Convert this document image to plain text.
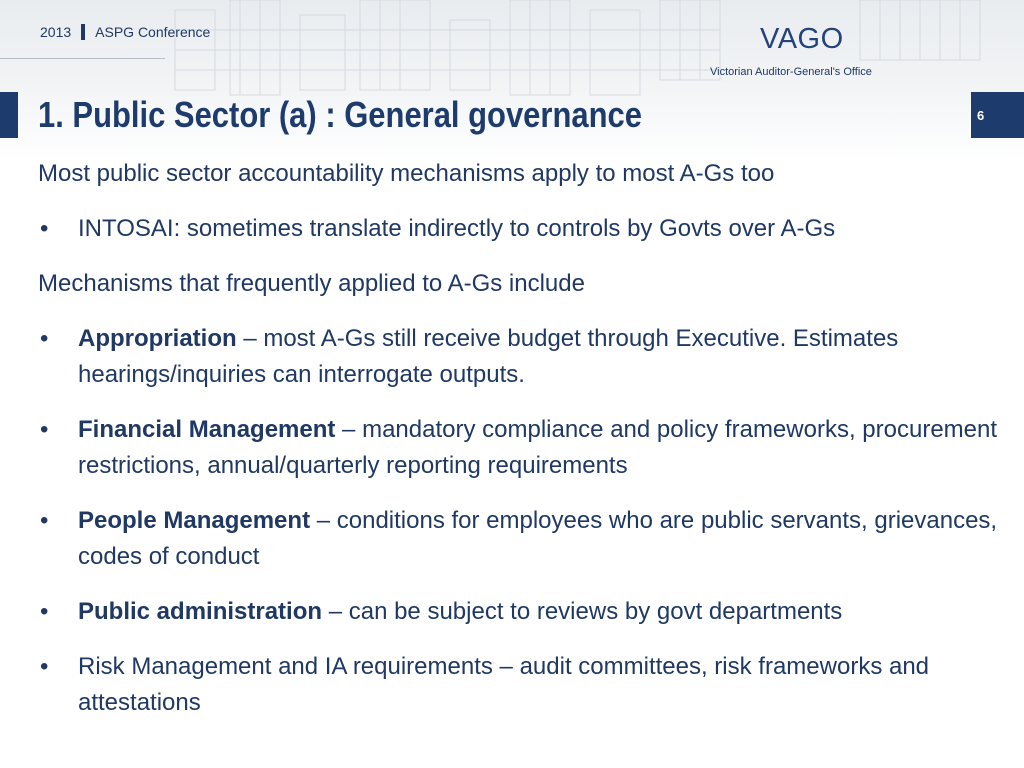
2013 ASPG Conference	VAGO
Victorian Auditor-General's Office
1. Public Sector (a) : General governance	6

Most public sector accountability mechanisms apply to most A-Gs too

• INTOSAI: sometimes translate indirectly to controls by Govts over A-Gs

Mechanisms that frequently applied to A-Gs include

• Appropriation – most A-Gs still receive budget through Executive. Estimates hearings/inquiries can interrogate outputs.

• Financial Management – mandatory compliance and policy frameworks, procurement restrictions, annual/quarterly reporting requirements

• People Management – conditions for employees who are public servants, grievances, codes of conduct

• Public administration – can be subject to reviews by govt departments

• Risk Management and IA requirements – audit committees, risk frameworks and attestations
